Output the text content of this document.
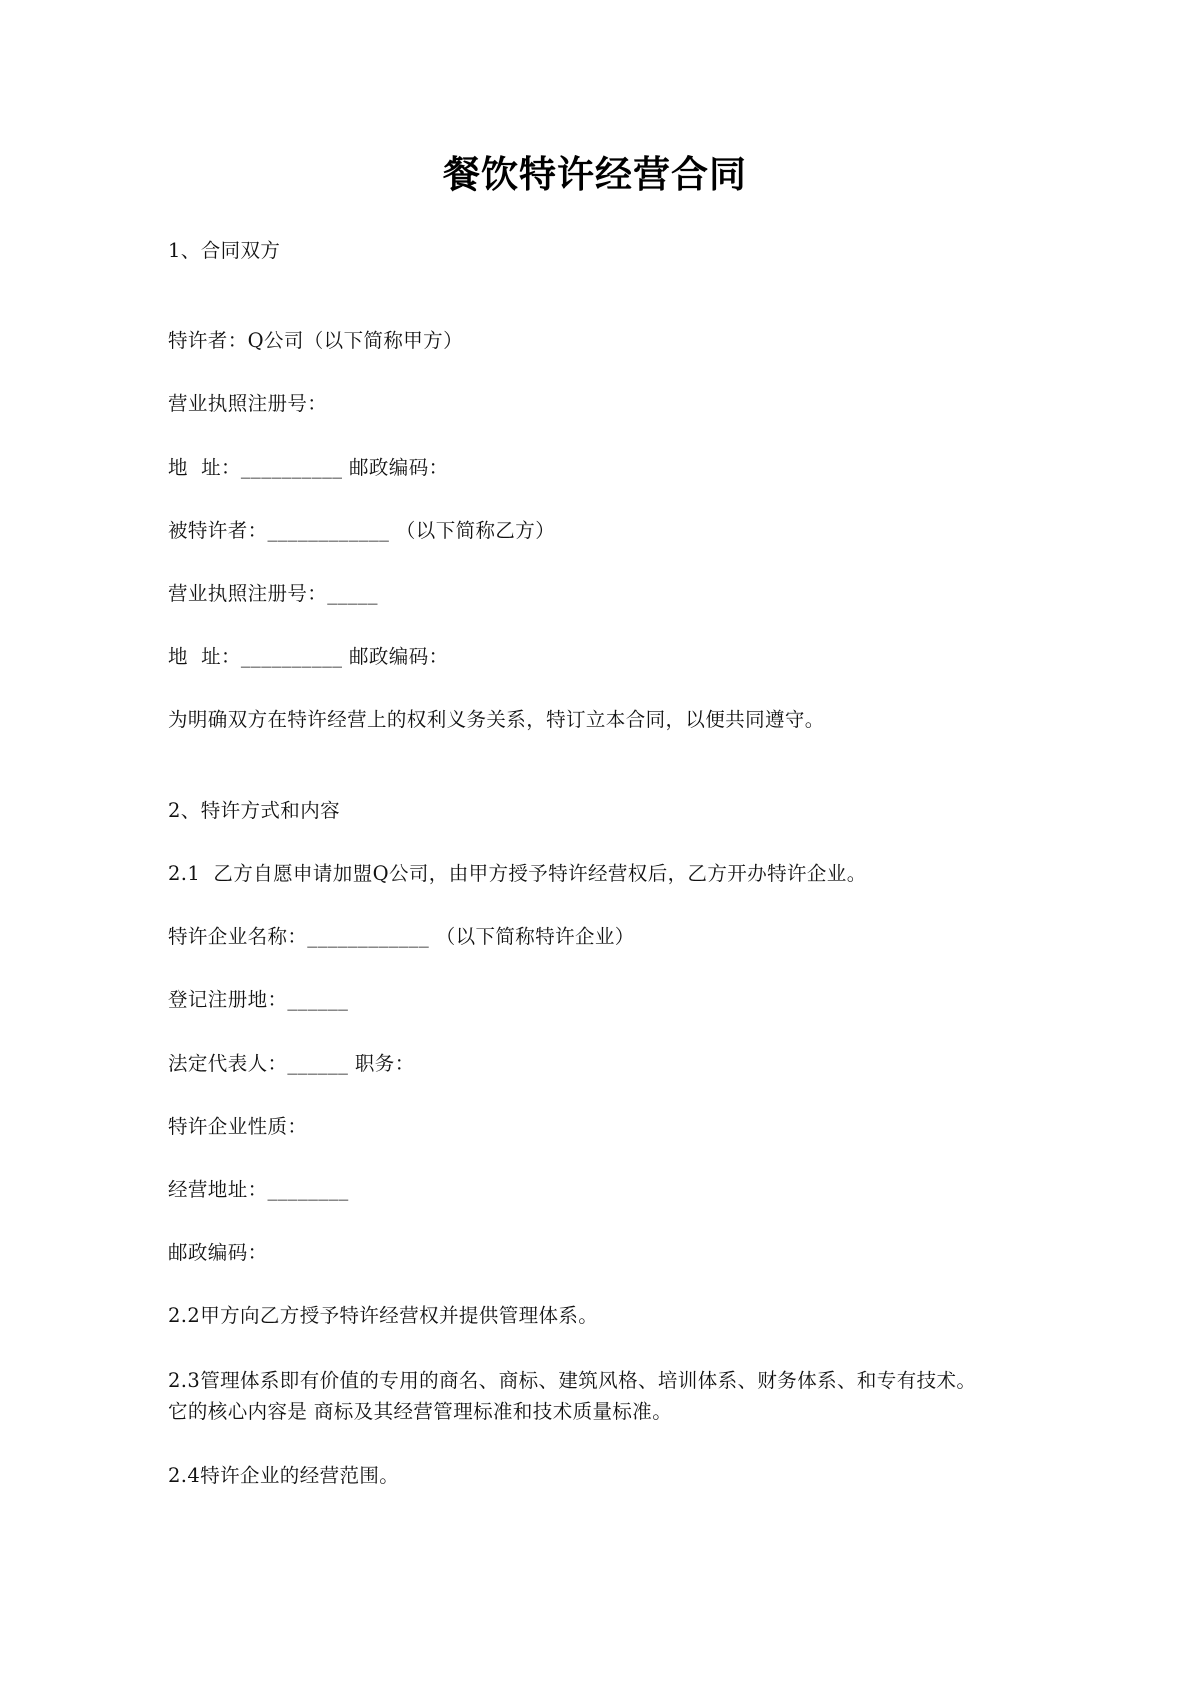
餐饮特许经营合同

1、合同双方

特许者：Q公司（以下简称甲方）

营业执照注册号：

地  址：__________ 邮政编码：

被特许者：____________ （以下简称乙方）

营业执照注册号：_____

地  址：__________ 邮政编码：

为明确双方在特许经营上的权利义务关系，特订立本合同，以便共同遵守。

2、特许方式和内容

2.1  乙方自愿申请加盟Q公司，由甲方授予特许经营权后，乙方开办特许企业。

特许企业名称：____________ （以下简称特许企业）

登记注册地：______

法定代表人：______ 职务：

特许企业性质：

经营地址：________

邮政编码：

2.2甲方向乙方授予特许经营权并提供管理体系。

2.3管理体系即有价值的专用的商名、商标、建筑风格、培训体系、财务体系、和专有技术。它的核心内容是 商标及其经营管理标准和技术质量标准。

2.4特许企业的经营范围。
